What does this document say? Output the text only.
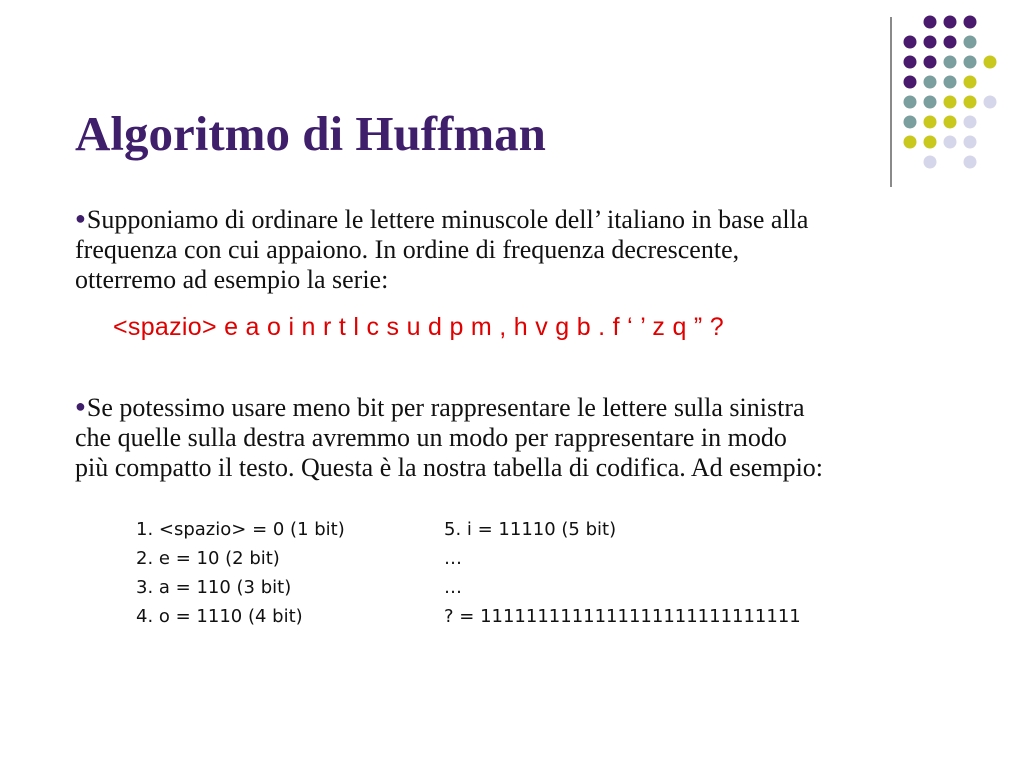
Algoritmo di Huffman
●Supponiamo di ordinare le lettere minuscole dell’ italiano in base alla
frequenza con cui appaiono. In ordine di frequenza decrescente,
otterremo ad esempio la serie:
<spazio> e a o i n r t l c s u d p m , h v g b . f ‘ ’ z q ” ?
●Se potessimo usare meno bit per rappresentare le lettere sulla sinistra
che quelle sulla destra avremmo un modo per rappresentare in modo
più compatto il testo. Questa è la nostra tabella di codifica. Ad esempio:
1. <spazio> = 0 (1 bit)
2. e = 10 (2 bit)
3. a = 110 (3 bit)
4. o = 1110 (4 bit)
5. i = 11110 (5 bit)
…
…
? = 1111111111111111111111111111
